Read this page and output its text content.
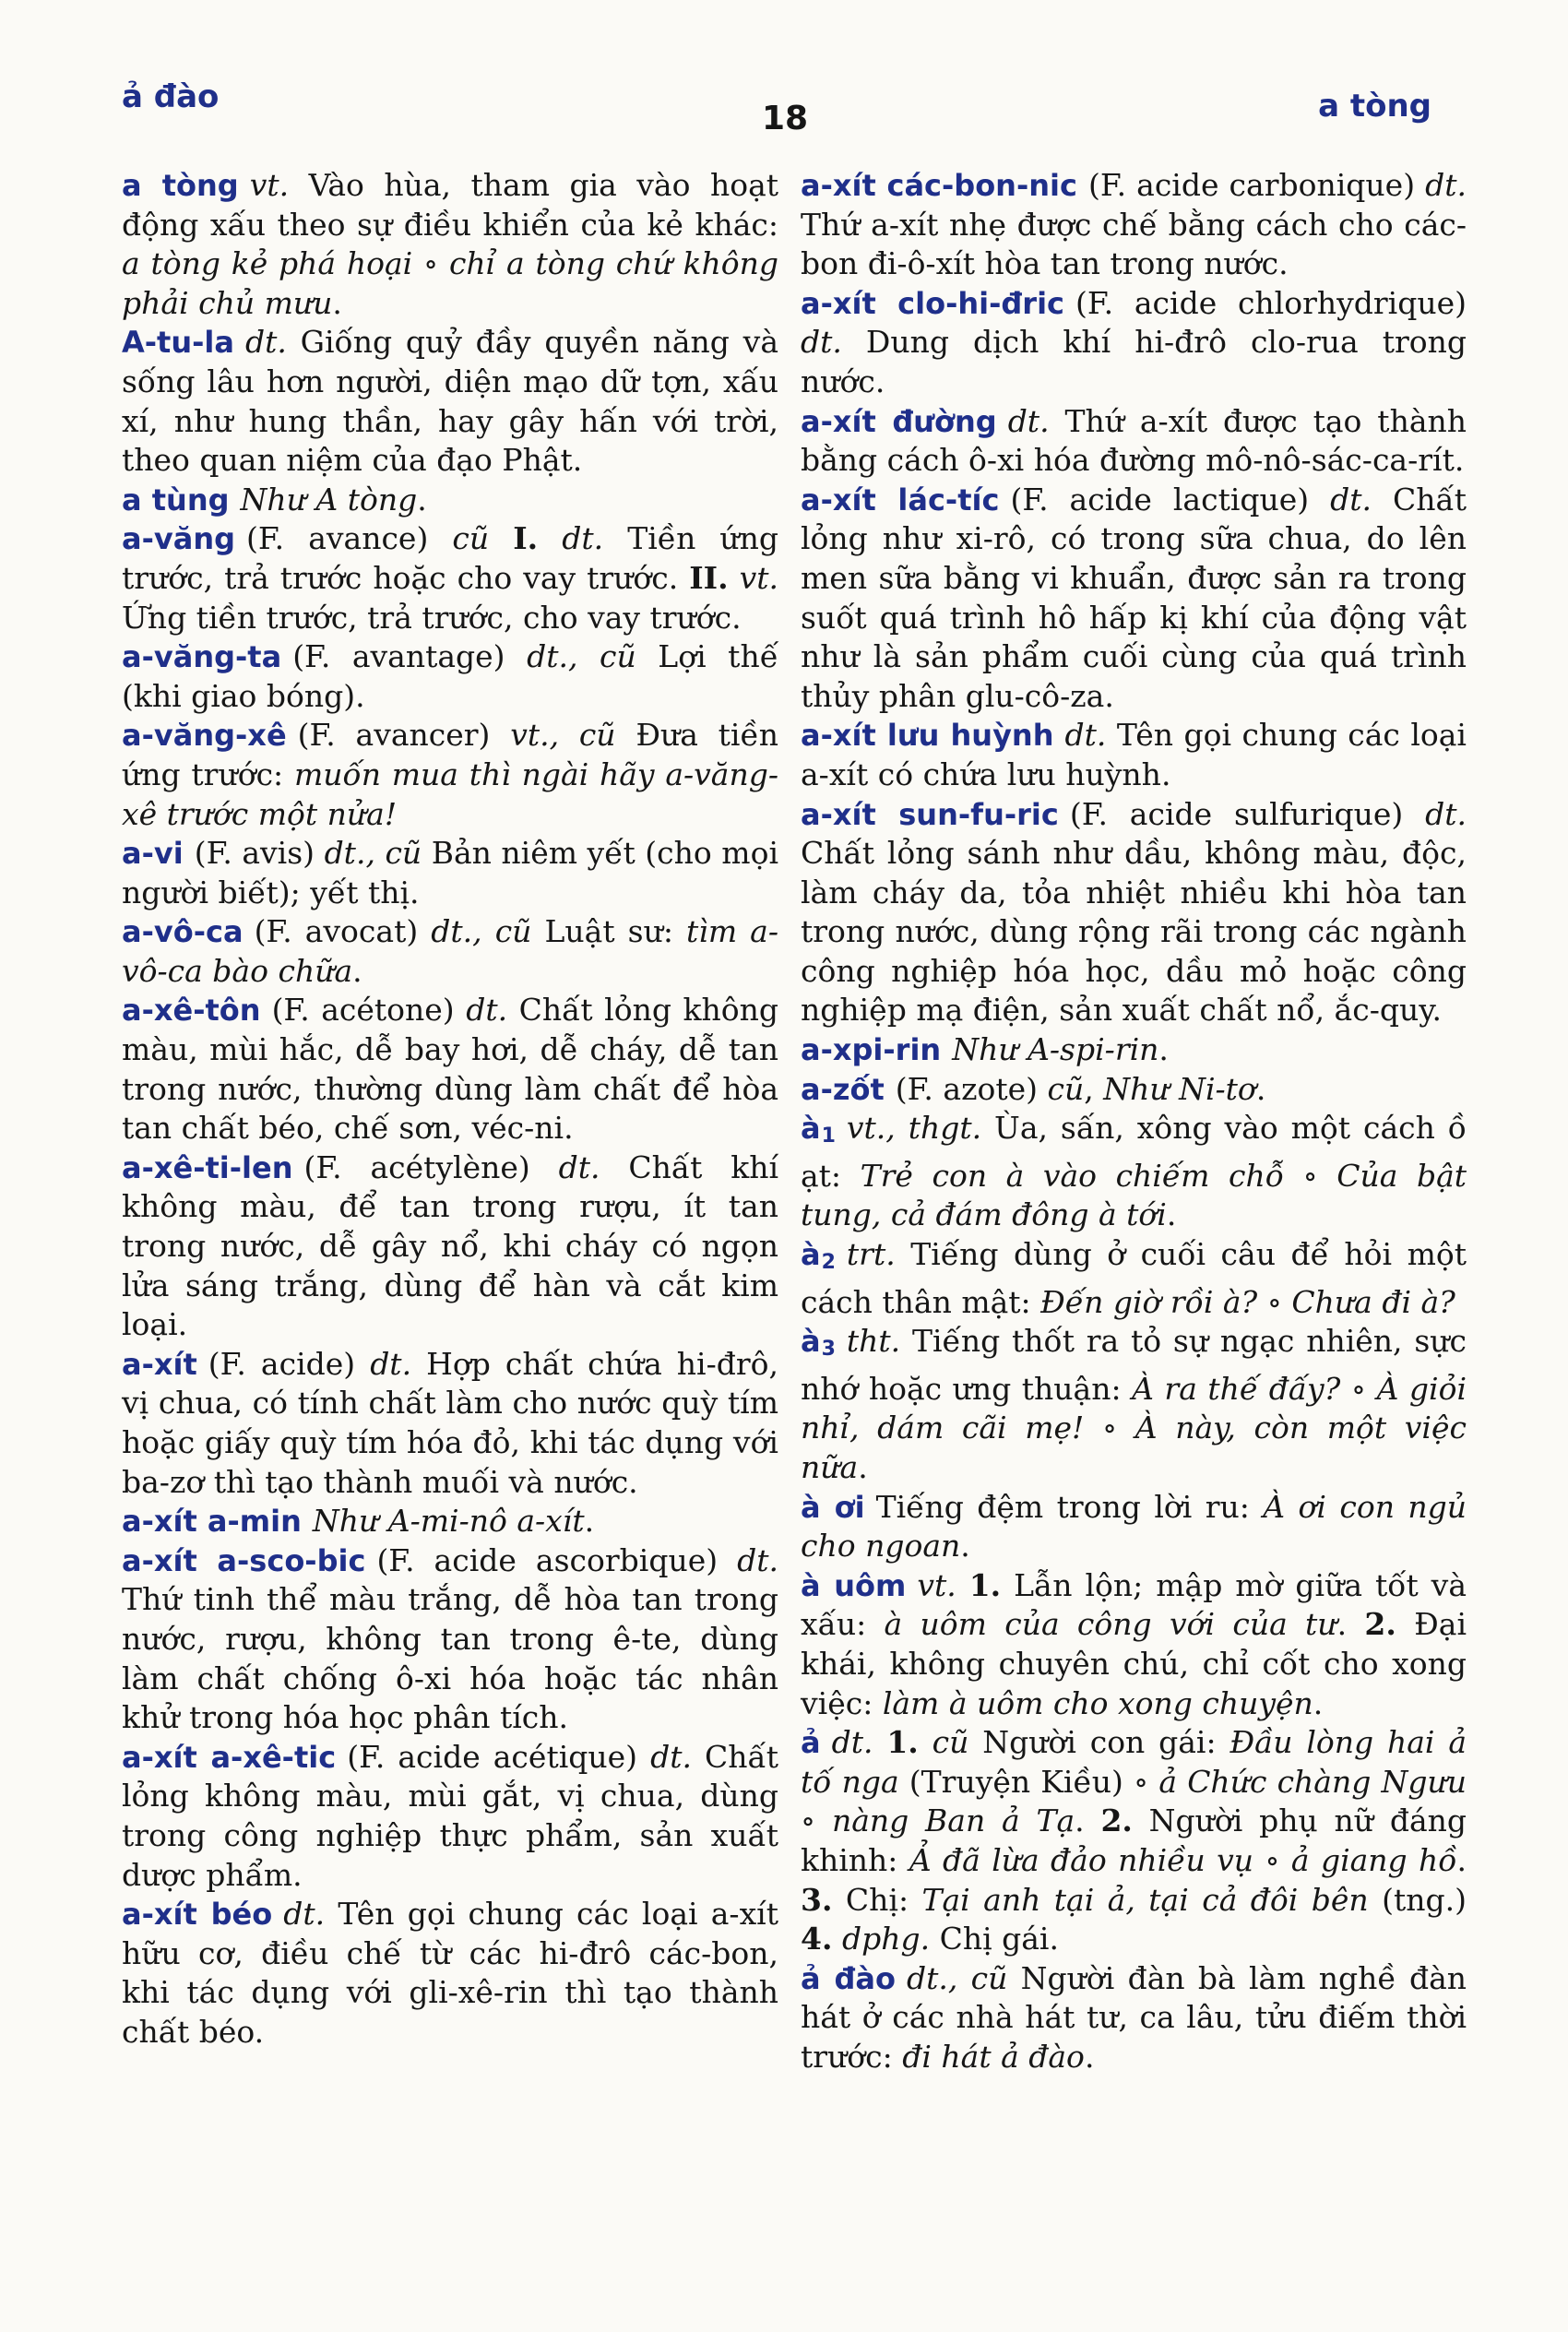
ả đào
18	a tòng

a tòng vt. Vào hùa, tham gia vào hoạt động xấu theo sự điều khiển của kẻ khác: a tòng kẻ phá hoại ∘ chỉ a tòng chứ không phải chủ mưu.

A-tu-la dt. Giống quỷ đầy quyền năng và sống lâu hơn người, diện mạo dữ tợn, xấu xí, như hung thần, hay gây hấn với trời, theo quan niệm của đạo Phật.

a tùng Như A tòng.

a-văng (F. avance) cũ I. dt. Tiền ứng trước, trả trước hoặc cho vay trước. II. vt. Ứng tiền trước, trả trước, cho vay trước.

a-văng-ta (F. avantage) dt., cũ Lợi thế (khi giao bóng).

a-văng-xê (F. avancer) vt., cũ Đưa tiền ứng trước: muốn mua thì ngài hãy a-văng-xê trước một nửa!

a-vi (F. avis) dt., cũ Bản niêm yết (cho mọi người biết); yết thị.

a-vô-ca (F. avocat) dt., cũ Luật sư: tìm a-vô-ca bào chữa.

a-xê-tôn (F. acétone) dt. Chất lỏng không màu, mùi hắc, dễ bay hơi, dễ cháy, dễ tan trong nước, thường dùng làm chất để hòa tan chất béo, chế sơn, véc-ni.

a-xê-ti-len (F. acétylène) dt. Chất khí không màu, để tan trong rượu, ít tan trong nước, dễ gây nổ, khi cháy có ngọn lửa sáng trắng, dùng để hàn và cắt kim loại.

a-xít (F. acide) dt. Hợp chất chứa hi-đrô, vị chua, có tính chất làm cho nước quỳ tím hoặc giấy quỳ tím hóa đỏ, khi tác dụng với ba-zơ thì tạo thành muối và nước.

a-xít a-min Như A-mi-nô a-xít.

a-xít a-sco-bic (F. acide ascorbique) dt. Thứ tinh thể màu trắng, dễ hòa tan trong nước, rượu, không tan trong ê-te, dùng làm chất chống ô-xi hóa hoặc tác nhân khử trong hóa học phân tích.

a-xít a-xê-tic (F. acide acétique) dt. Chất lỏng không màu, mùi gắt, vị chua, dùng trong công nghiệp thực phẩm, sản xuất dược phẩm.

a-xít béo dt. Tên gọi chung các loại a-xít hữu cơ, điều chế từ các hi-đrô các-bon, khi tác dụng với gli-xê-rin thì tạo thành chất béo.

a-xít các-bon-nic (F. acide carbonique) dt. Thứ a-xít nhẹ được chế bằng cách cho các-bon đi-ô-xít hòa tan trong nước.

a-xít clo-hi-đric (F. acide chlorhydrique) dt. Dung dịch khí hi-đrô clo-rua trong nước.

a-xít đường dt. Thứ a-xít được tạo thành bằng cách ô-xi hóa đường mô-nô-sác-ca-rít.

a-xít lác-tíc (F. acide lactique) dt. Chất lỏng như xi-rô, có trong sữa chua, do lên men sữa bằng vi khuẩn, được sản ra trong suốt quá trình hô hấp kị khí của động vật như là sản phẩm cuối cùng của quá trình thủy phân glu-cô-za.

a-xít lưu huỳnh dt. Tên gọi chung các loại a-xít có chứa lưu huỳnh.

a-xít sun-fu-ric (F. acide sulfurique) dt. Chất lỏng sánh như dầu, không màu, độc, làm cháy da, tỏa nhiệt nhiều khi hòa tan trong nước, dùng rộng rãi trong các ngành công nghiệp hóa học, dầu mỏ hoặc công nghiệp mạ điện, sản xuất chất nổ, ắc-quy.

a-xpi-rin Như A-spi-rin.

a-zốt (F. azote) cũ, Như Ni-tơ.

$à_1$ vt., thgt. Ùa, sấn, xông vào một cách ồ ạt: Trẻ con à vào chiếm chỗ ∘ Của bật tung, cả đám đông à tới.

$à_2$ trt. Tiếng dùng ở cuối câu để hỏi một cách thân mật: Đến giờ rồi à? ∘ Chưa đi à?

$à_3$ tht. Tiếng thốt ra tỏ sự ngạc nhiên, sực nhớ hoặc ưng thuận: À ra thế đấy? ∘ À giỏi nhỉ, dám cãi mẹ! ∘ À này, còn một việc nữa.

à ơi Tiếng đệm trong lời ru: À ơi con ngủ cho ngoan.

à uôm vt. 1. Lẫn lộn; mập mờ giữa tốt và xấu: à uôm của công với của tư. 2. Đại khái, không chuyên chú, chỉ cốt cho xong việc: làm à uôm cho xong chuyện.

ả dt. 1. cũ Người con gái: Đầu lòng hai ả tố nga (Truyện Kiều) ∘ ả Chức chàng Ngưu ∘ nàng Ban ả Tạ. 2. Người phụ nữ đáng khinh: Ả đã lừa đảo nhiều vụ ∘ ả giang hồ. 3. Chị: Tại anh tại ả, tại cả đôi bên (tng.) 4. dphg. Chị gái.

ả đào dt., cũ Người đàn bà làm nghề đàn hát ở các nhà hát tư, ca lâu, tửu điếm thời trước: đi hát ả đào.
